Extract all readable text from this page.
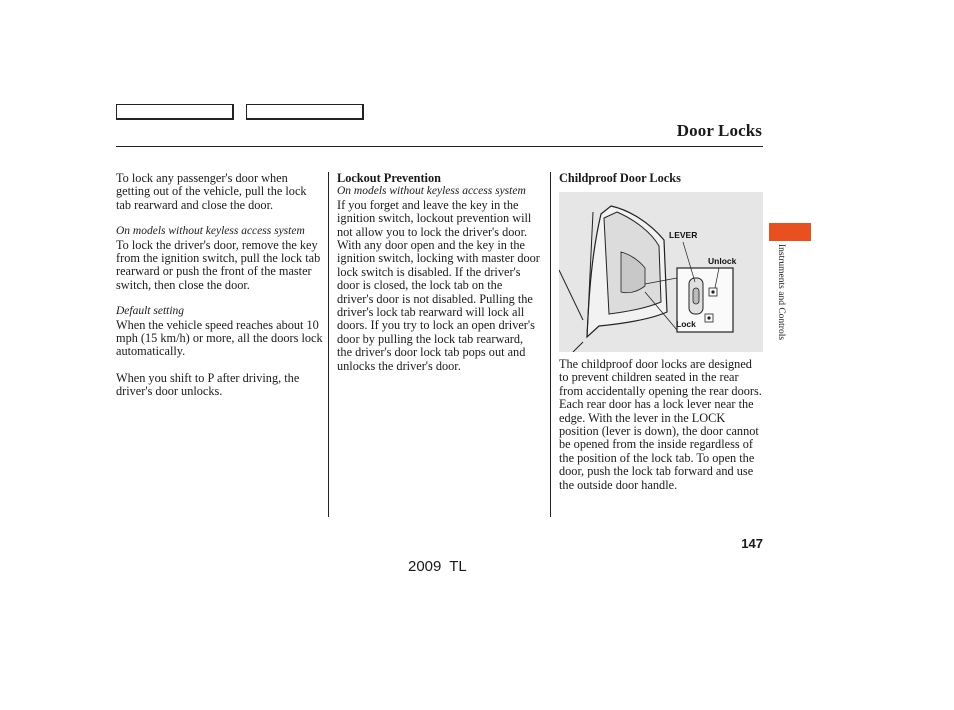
Door Locks

To lock any passenger's door when getting out of the vehicle, pull the lock tab rearward and close the door.

On models without keyless access system

To lock the driver's door, remove the key from the ignition switch, pull the lock tab rearward or push the front of the master switch, then close the door.

Default setting

When the vehicle speed reaches about 10 mph (15 km/h) or more, all the doors lock automatically.

When you shift to P after driving, the driver's door unlocks.

Lockout Prevention

On models without keyless access system

If you forget and leave the key in the ignition switch, lockout prevention will not allow you to lock the driver's door. With any door open and the key in the ignition switch, locking with master door lock switch is disabled. If the driver's door is closed, the lock tab on the driver's door is not disabled. Pulling the driver's lock tab rearward will lock all doors. If you try to lock an open driver's door by pulling the lock tab rearward, the driver's door lock tab pops out and unlocks the driver's door.

Childproof Door Locks

LEVER
Unlock
Lock

The childproof door locks are designed to prevent children seated in the rear from accidentally opening the rear doors. Each rear door has a lock lever near the edge. With the lever in the LOCK position (lever is down), the door cannot be opened from the inside regardless of the position of the lock tab. To open the door, push the lock tab forward and use the outside door handle.

Instruments and Controls
147
2009 TL
